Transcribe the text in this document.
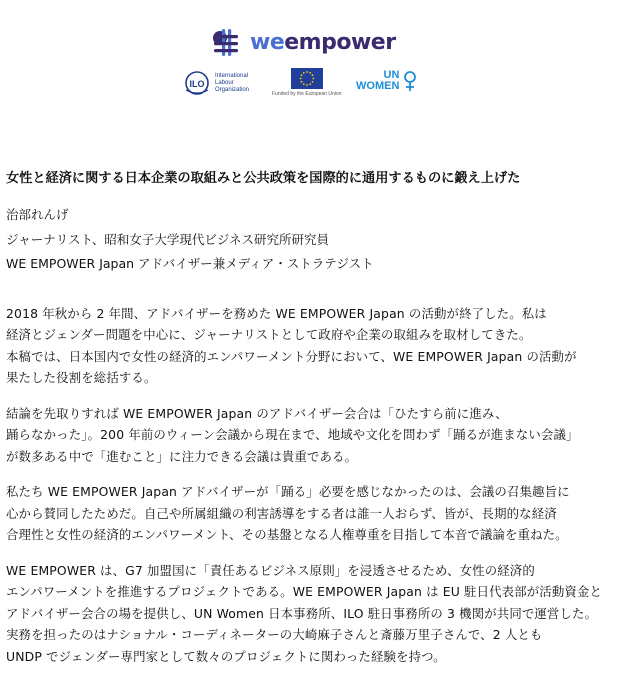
weempower
ILO
International
Labour
Organization
Funded by the European Union
UN
WOMEN
女性と経済に関する日本企業の取組みと公共政策を国際的に通用するものに鍛え上げた
治部れんげ
ジャーナリスト、昭和女子大学現代ビジネス研究所研究員
WE EMPOWER Japan アドバイザー兼メディア・ストラテジスト

2018 年秋から 2 年間、アドバイザーを務めた WE EMPOWER Japan の活動が終了した。私は
経済とジェンダー問題を中心に、ジャーナリストとして政府や企業の取組みを取材してきた。
本稿では、日本国内で女性の経済的エンパワーメント分野において、WE EMPOWER Japan の活動が
果たした役割を総括する。

結論を先取りすれば WE EMPOWER Japan のアドバイザー会合は「ひたすら前に進み、
踊らなかった」。200 年前のウィーン会議から現在まで、地域や文化を問わず「踊るが進まない会議」
が数多ある中で「進むこと」に注力できる会議は貴重である。

私たち WE EMPOWER Japan アドバイザーが「踊る」必要を感じなかったのは、会議の召集趣旨に
心から賛同したためだ。自己や所属組織の利害誘導をする者は誰一人おらず、皆が、長期的な経済
合理性と女性の経済的エンパワーメント、その基盤となる人権尊重を目指して本音で議論を重ねた。

WE EMPOWER は、G7 加盟国に「責任あるビジネス原則」を浸透させるため、女性の経済的
エンパワーメントを推進するプロジェクトである。WE EMPOWER Japan は EU 駐日代表部が活動資金と
アドバイザー会合の場を提供し、UN Women 日本事務所、ILO 駐日事務所の 3 機関が共同で運営した。
実務を担ったのはナショナル・コーディネーターの大崎麻子さんと斎藤万里子さんで、2 人とも
UNDP でジェンダー専門家として数々のプロジェクトに関わった経験を持つ。
